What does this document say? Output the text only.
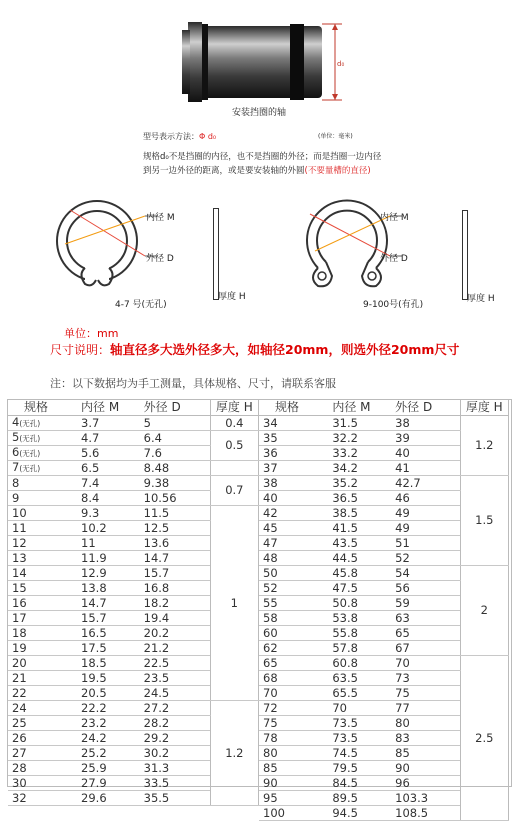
d₀
安装挡圈的轴
型号表示方法：Φ d₀	(单位：毫米)
规格d₀不是挡圈的内径，也不是挡圈的外径；而是挡圈一边内径
到另一边外径的距离，或是要安装轴的外圆(不要量槽的直径)
内径 M
外径 D
4-7 号(无孔)
厚度 H
内径 M
外径 D
9-100号(有孔)
厚度 H
单位：mm
尺寸说明：轴直径多大选外径多大，如轴径20mm，则选外径20mm尺寸
注：以下数据均为手工测量，具体规格、尺寸，请联系客服
规格	内径 M	外径 D	厚度 H
4(无孔)	3.7	5	0.4
5(无孔)	4.7	6.4	0.5
6(无孔)	5.6	7.6	
7(无孔)	6.5	8.48	
8	7.4	9.38	0.7
9	8.4	10.56	
10	9.3	11.5	1
11	10.2	12.5	
12	11	13.6	
13	11.9	14.7	
14	12.9	15.7	
15	13.8	16.8	
16	14.7	18.2	
17	15.7	19.4	
18	16.5	20.2	
19	17.5	21.2	
20	18.5	22.5	
21	19.5	23.5	
22	20.5	24.5	
24	22.2	27.2	1.2
25	23.2	28.2	
26	24.2	29.2	
27	25.2	30.2	
28	25.9	31.3	
30	27.9	33.5	
32	29.6	35.5	
规格	内径 M	外径 D	厚度 H
34	31.5	38	1.2
35	32.2	39	
36	33.2	40	
37	34.2	41	
38	35.2	42.7	1.5
40	36.5	46	
42	38.5	49	
45	41.5	49	
47	43.5	51	
48	44.5	52	
50	45.8	54	2
52	47.5	56	
55	50.8	59	
58	53.8	63	
60	55.8	65	
62	57.8	67	
65	60.8	70	2.5
68	63.5	73	
70	65.5	75	
72	70	77	
75	73.5	80	
78	73.5	83	
80	74.5	85	
85	79.5	90	
90	84.5	96	
95	89.5	103.3	
100	94.5	108.5	
